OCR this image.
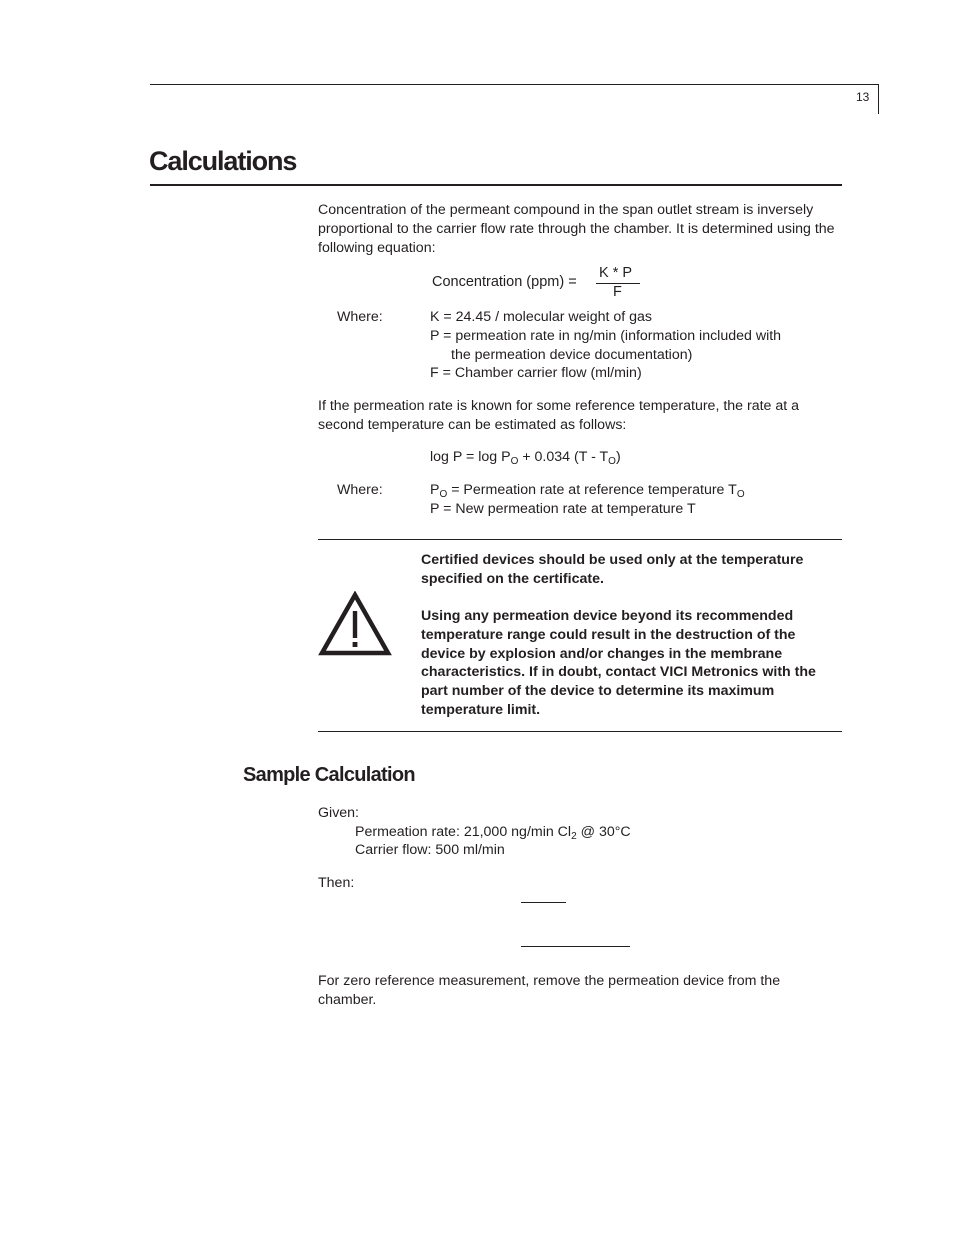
13
Calculations
Concentration of the permeant compound in the span outlet stream is inversely proportional to the carrier flow rate through the chamber. It is determined using the following equation:
Concentration (ppm) =
K * P
F
Where:	K = 24.45 / molecular weight of gas
P = permeation rate in ng/min (information included with
the permeation device documentation)
F = Chamber carrier flow (ml/min)
If the permeation rate is known for some reference temperature, the rate at a second temperature can be estimated as follows:
$\log P = \log P_O + 0.034$ $(T - T_O)$
Where:	$P_O$ = Permeation rate at reference temperature $T_O$
P = New permeation rate at temperature T
Certified devices should be used only at the temperature specified on the certificate.
Using any permeation device beyond its recommended temperature range could result in the destruction of the device by explosion and/or changes in the membrane characteristics. If in doubt, contact VICI Metronics with the part number of the device to determine its maximum temperature limit.
Sample Calculation
Given:
Permeation rate: 21,000 ng/min $Cl_2$ @ 30°C
Carrier flow: 500 ml/min
Then:
For zero reference measurement, remove the permeation device from the chamber.
